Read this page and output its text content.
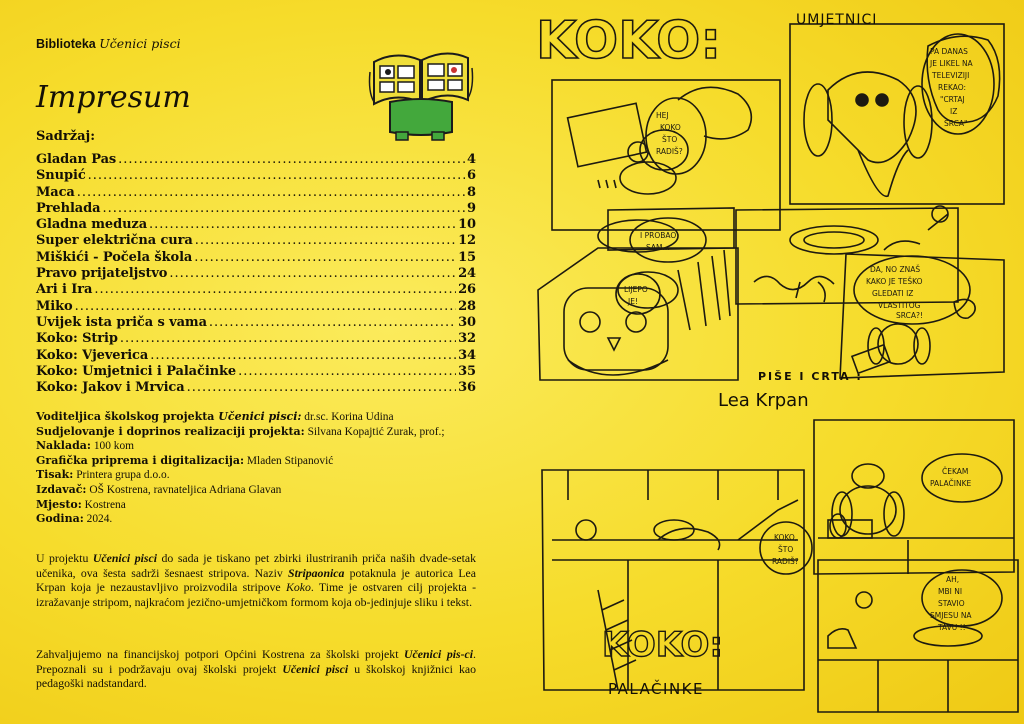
Biblioteka Učenici pisci
Impresum
Sadržaj:
Gladan Pas .....	4
Snupić .....	6
Maca .....	8
Prehlada .....	9
Gladna meduza .....	10
Super električna cura .....	12
Miškići - Počela škola .....	15
Pravo prijateljstvo .....	24
Ari i Ira .....	26
Miko .....	28
Uvijek ista priča s vama .....	30
Koko: Strip .....	32
Koko: Vjeverica .....	34
Koko: Umjetnici i Palačinke .....	35
Koko: Jakov i Mrvica .....	36
Voditeljica školskog projekta Učenici pisci: dr.sc. Korina Udina
Sudjelovanje i doprinos realizaciji projekta: Silvana Kopajtić Zurak, prof.;
Naklada: 100 kom
Grafička priprema i digitalizacija: Mladen Stipanović
Tisak: Printera grupa d.o.o.
Izdavač: OŠ Kostrena, ravnateljica Adriana Glavan
Mjesto: Kostrena
Godina: 2024.

U projektu Učenici pisci do sada je tiskano pet zbirki ilustriranih priča naših dvade-setak učenika, ova šesta sadrži šesnaest stripova. Naziv Stripaonica potaknula je autorica Lea Krpan koja je nezaustavljivo proizvodila stripove Koko. Time je ostvaren cilj projekta - izražavanje stripom, najkraćom jezično-umjetničkom formom koja ob-jedinjuje sliku i tekst.

Zahvaljujemo na financijskoj potpori Općini Kostrena za školski projekt Učenici pis-ci. Prepoznali su i podržavaju ovaj školski projekt Učenici pisci u školskoj knjižnici kao pedagoški nadstandard.

KOKO:
KOKO:
HEJ
KOKO
ŠTO
RADIŠ?
PA DANAS
JE LIKEL NA
TELEVIZIJI
REKAO:
"CRTAJ
IZ
SRCA"
I PROBAO
SAM...
LIJEPO
JE!
DA, NO ZNAŠ
KAKO JE TEŠKO
GLEDATI IZ
VLASTITOG
SRCA?!
ČEKAM
PALAČINKE
KOKO,
ŠTO
RADIŠ?
AH,
MBI NI
STAVIO
SMJESU NA
TAVU !!
UMJETNICI
PIŠE I CRTA :
Lea Krpan
PALAČINKE
